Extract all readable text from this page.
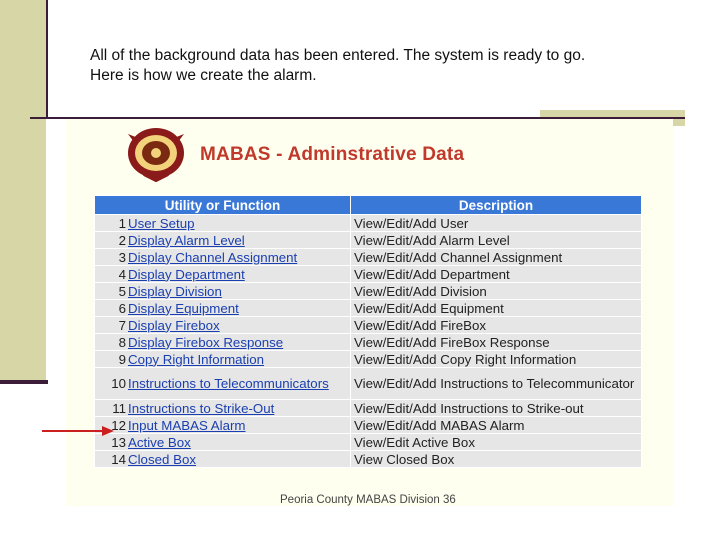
All of the background data has been entered. The system is ready to go. Here is how we create the alarm.

MABAS - Adminstrative Data
Utility or Function	Description
1 User Setup	View/Edit/Add User
2 Display Alarm Level	View/Edit/Add Alarm Level
3 Display Channel Assignment	View/Edit/Add Channel Assignment
4 Display Department	View/Edit/Add Department
5 Display Division	View/Edit/Add Division
6 Display Equipment	View/Edit/Add Equipment
7 Display Firebox	View/Edit/Add FireBox
8 Display Firebox Response	View/Edit/Add FireBox Response
9 Copy Right Information	View/Edit/Add Copy Right Information
10 Instructions to Telecommunicators	View/Edit/Add Instructions to Telecommunicator
11 Instructions to Strike-Out	View/Edit/Add Instructions to Strike-out
12 Input MABAS Alarm	View/Edit/Add MABAS Alarm
13 Active Box	View/Edit Active Box
14 Closed Box	View Closed Box
Peoria County MABAS Division 36
